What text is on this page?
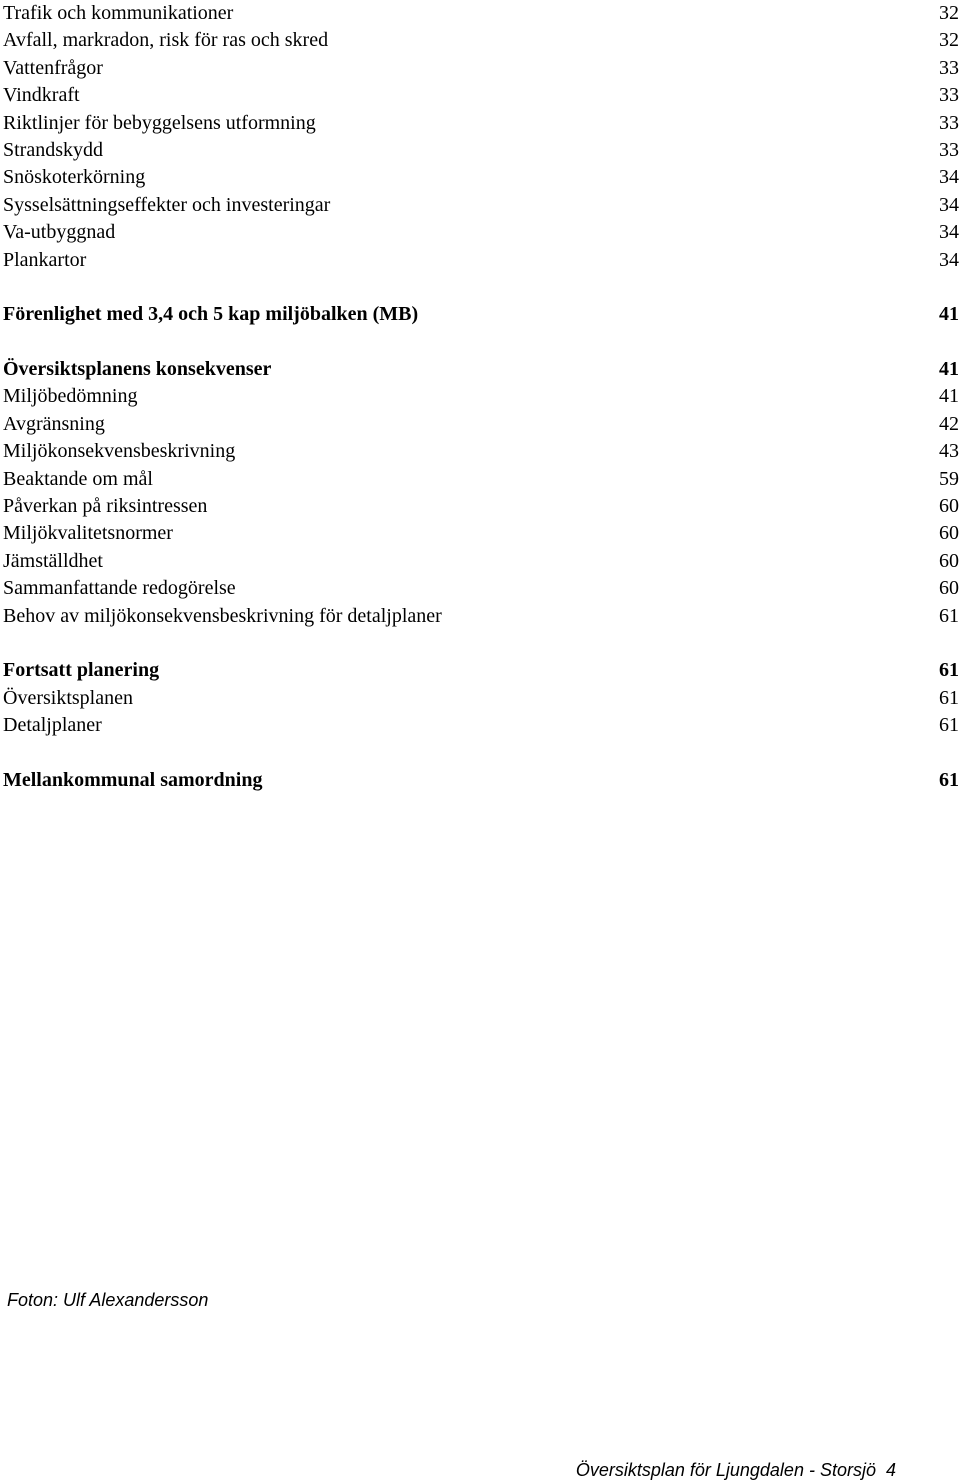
Trafik och kommunikationer	32
Avfall, markradon, risk för ras och skred	32
Vattenfrågor	33
Vindkraft	33
Riktlinjer för bebyggelsens utformning	33
Strandskydd	33
Snöskoterkörning	34
Sysselsättningseffekter och investeringar	34
Va-utbyggnad	34
Plankartor	34
Förenlighet med 3,4 och 5 kap miljöbalken (MB)	41
Översiktsplanens konsekvenser	41
Miljöbedömning	41
Avgränsning	42
Miljökonsekvensbeskrivning	43
Beaktande om mål	59
Påverkan på riksintressen	60
Miljökvalitetsnormer	60
Jämställdhet	60
Sammanfattande redogörelse	60
Behov av miljökonsekvensbeskrivning för detaljplaner	61
Fortsatt planering	61
Översiktsplanen	61
Detaljplaner	61
Mellankommunal samordning	61
Foton: Ulf Alexandersson
Översiktsplan för Ljungdalen - Storsjö 4
